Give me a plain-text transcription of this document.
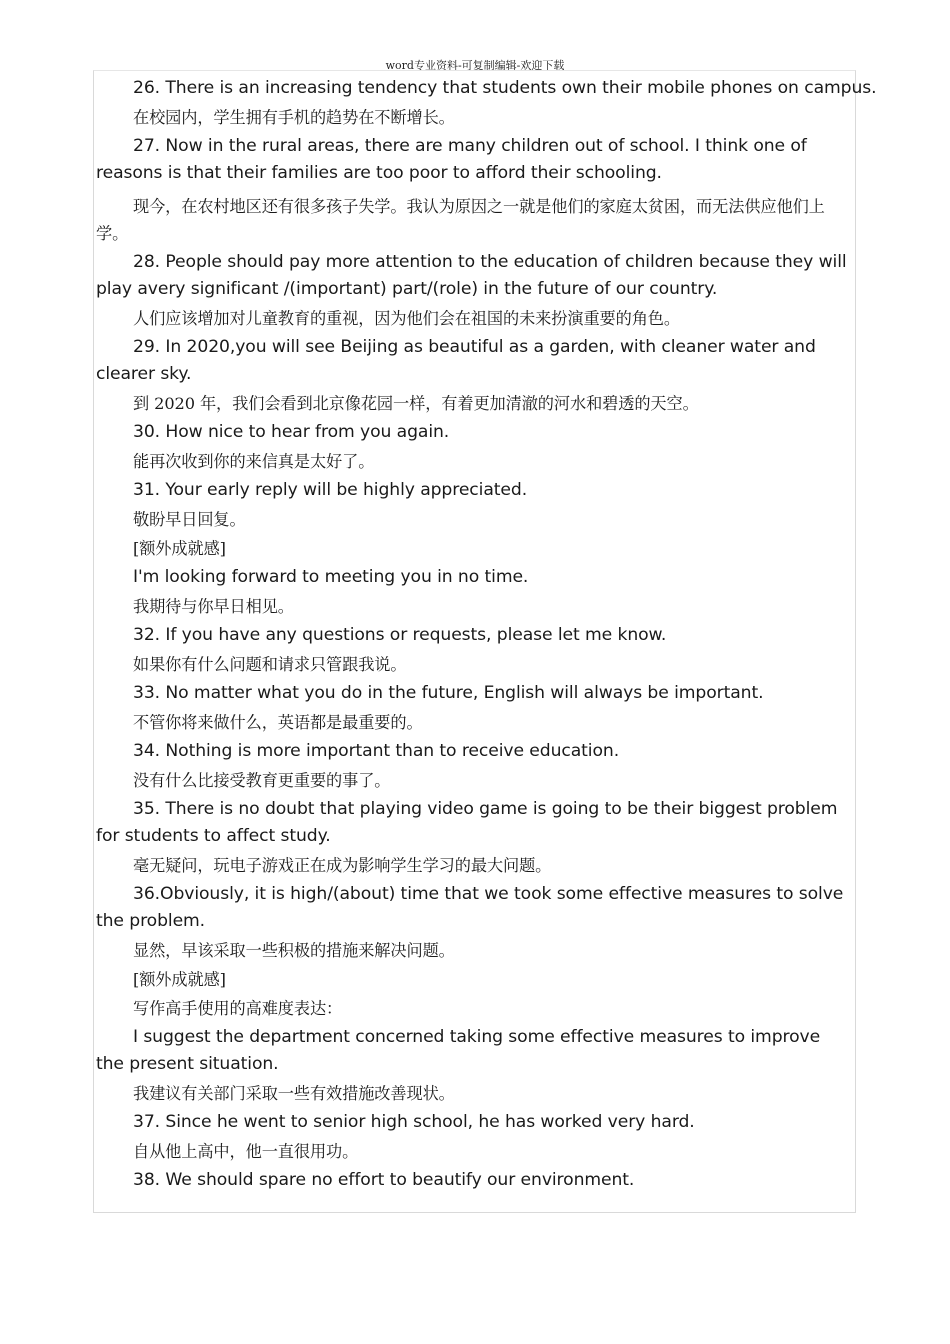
word专业资料-可复制编辑-欢迎下载

26. There is an increasing tendency that students own their mobile phones on campus.

在校园内，学生拥有手机的趋势在不断增长。

27. Now in the rural areas, there are many children out of school. I think one of reasons is that their families are too poor to afford their schooling.

现今，在农村地区还有很多孩子失学。我认为原因之一就是他们的家庭太贫困，而无法供应他们上学。

28. People should pay more attention to the education of children because they will play avery significant /(important) part/(role) in the future of our country.

人们应该增加对儿童教育的重视，因为他们会在祖国的未来扮演重要的角色。

29. In 2020,you will see Beijing as beautiful as a garden, with cleaner water and clearer sky.

到 2020 年，我们会看到北京像花园一样，有着更加清澈的河水和碧透的天空。

30. How nice to hear from you again.

能再次收到你的来信真是太好了。

31. Your early reply will be highly appreciated.

敬盼早日回复。

[额外成就感]

I'm looking forward to meeting you in no time.

我期待与你早日相见。

32. If you have any questions or requests, please let me know.

如果你有什么问题和请求只管跟我说。

33. No matter what you do in the future, English will always be important.

不管你将来做什么，英语都是最重要的。

34. Nothing is more important than to receive education.

没有什么比接受教育更重要的事了。

35. There is no doubt that playing video game is going to be their biggest problem for students to affect study.

毫无疑问，玩电子游戏正在成为影响学生学习的最大问题。

36.Obviously, it is high/(about) time that we took some effective measures to solve the problem.

显然，早该采取一些积极的措施来解决问题。

[额外成就感]

写作高手使用的高难度表达：

I suggest the department concerned taking some effective measures to improve the present situation.

我建议有关部门采取一些有效措施改善现状。

37. Since he went to senior high school, he has worked very hard.

自从他上高中，他一直很用功。

38. We should spare no effort to beautify our environment.
